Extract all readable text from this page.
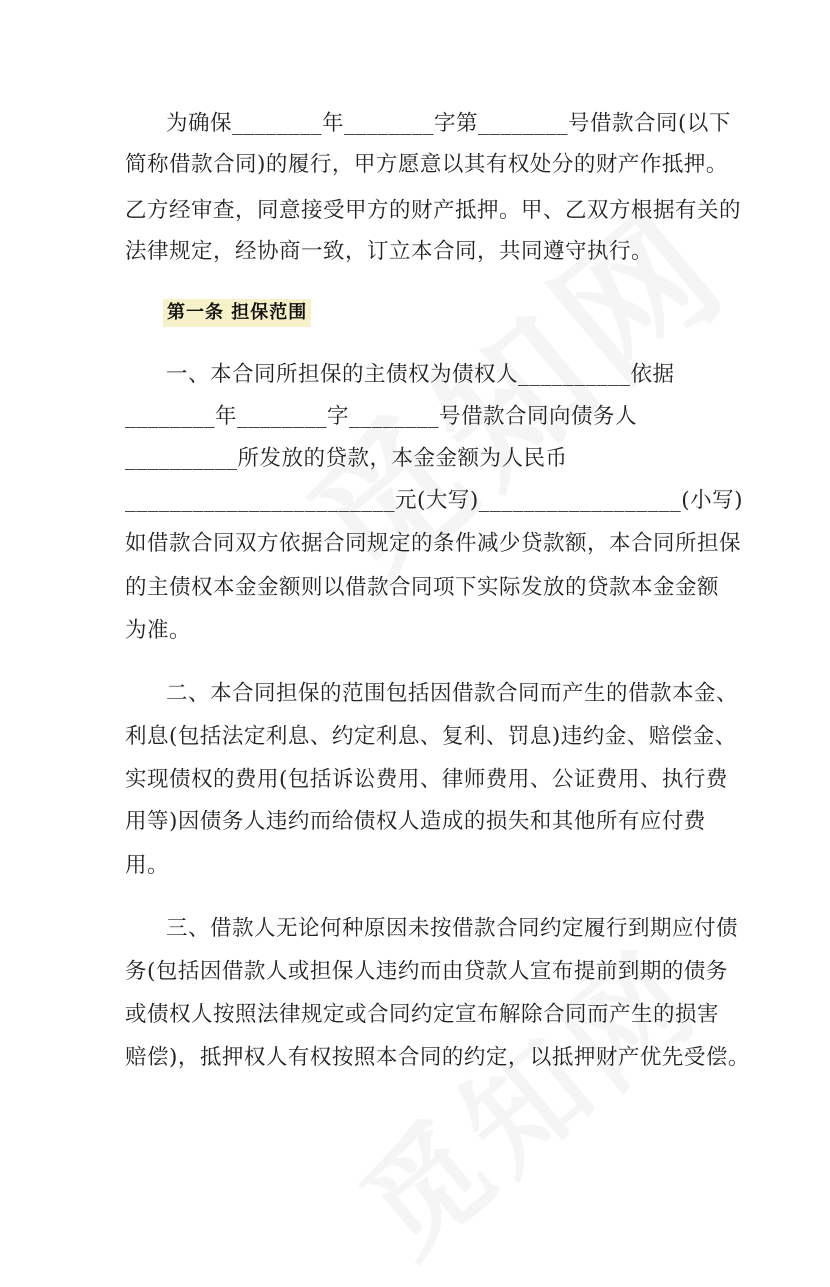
为确保________年________字第________号借款合同(以下
简称借款合同)的履行，甲方愿意以其有权处分的财产作抵押。
乙方经审查，同意接受甲方的财产抵押。甲、乙双方根据有关的
法律规定，经协商一致，订立本合同，共同遵守执行。
第一条 担保范围
一、本合同所担保的主债权为债权人__________依据
________年________字________号借款合同向债务人
__________所发放的贷款，本金金额为人民币
________________________元(大写)__________________(小写)
如借款合同双方依据合同规定的条件减少贷款额，本合同所担保
的主债权本金金额则以借款合同项下实际发放的贷款本金金额
为准。
二、本合同担保的范围包括因借款合同而产生的借款本金、
利息(包括法定利息、约定利息、复利、罚息)违约金、赔偿金、
实现债权的费用(包括诉讼费用、律师费用、公证费用、执行费
用等)因债务人违约而给债权人造成的损失和其他所有应付费
用。
三、借款人无论何种原因未按借款合同约定履行到期应付债
务(包括因借款人或担保人违约而由贷款人宣布提前到期的债务
或债权人按照法律规定或合同约定宣布解除合同而产生的损害
赔偿)，抵押权人有权按照本合同的约定，以抵押财产优先受偿。
